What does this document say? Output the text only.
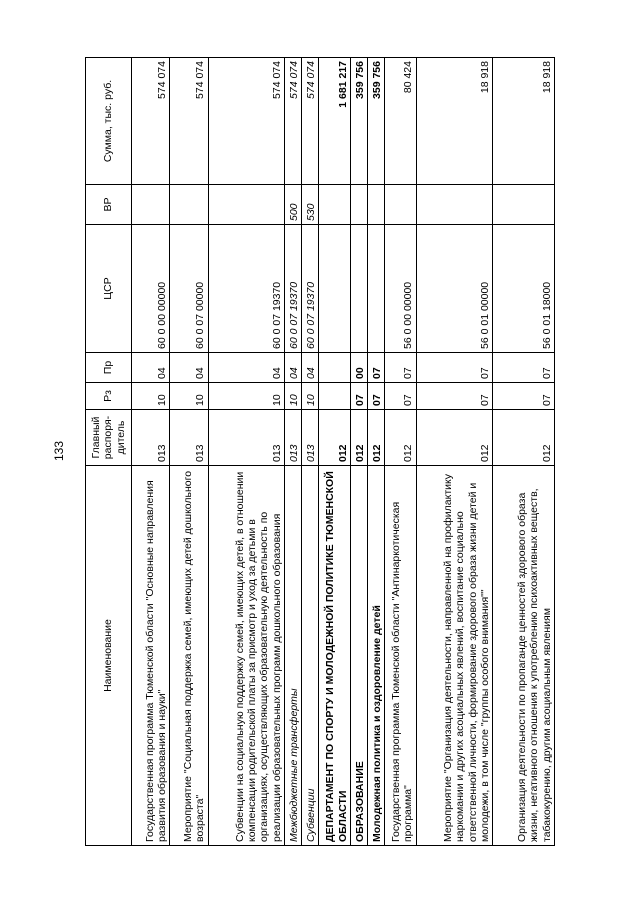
133
Наименование	Главный распоря-дитель	Рз	Пр	ЦСР	ВР	Сумма, тыс. руб.
Государственная программа Тюменской области "Основные направления развития образования и науки"	013	10	04	60 0 00 00000		574 074
Мероприятие "Социальная поддержка семей, имеющих детей дошкольного возраста"	013	10	04	60 0 07 00000		574 074
Субвенции на социальную поддержку семей, имеющих детей, в отношении компенсации родительской платы за присмотр и уход за детьми в организациях, осуществляющих образовательную деятельность по реализации образовательных программ дошкольного образования	013	10	04	60 0 07 19370		574 074
Межбюджетные трансферты	013	10	04	60 0 07 19370	500	574 074
Субвенции	013	10	04	60 0 07 19370	530	574 074
ДЕПАРТАМЕНТ ПО СПОРТУ И МОЛОДЕЖНОЙ ПОЛИТИКЕ ТЮМЕНСКОЙ ОБЛАСТИ	012					1 681 217
ОБРАЗОВАНИЕ	012	07	00			359 756
Молодежная политика и оздоровление детей	012	07	07			359 756
Государственная программа Тюменской области "Антинаркотическая программа"	012	07	07	56 0 00 00000		80 424
Мероприятие "Организация деятельности, направленной на профилактику наркомании и других асоциальных явлений, воспитание социально ответственной личности, формирование здорового образа жизни детей и молодежи, в том числе "группы особого внимания""	012	07	07	56 0 01 00000		18 918
Организация деятельности по пропаганде ценностей здорового образа жизни, негативного отношения к употреблению психоактивных веществ, табакокурению, другим асоциальным явлениям	012	07	07	56 0 01 18000		18 918
